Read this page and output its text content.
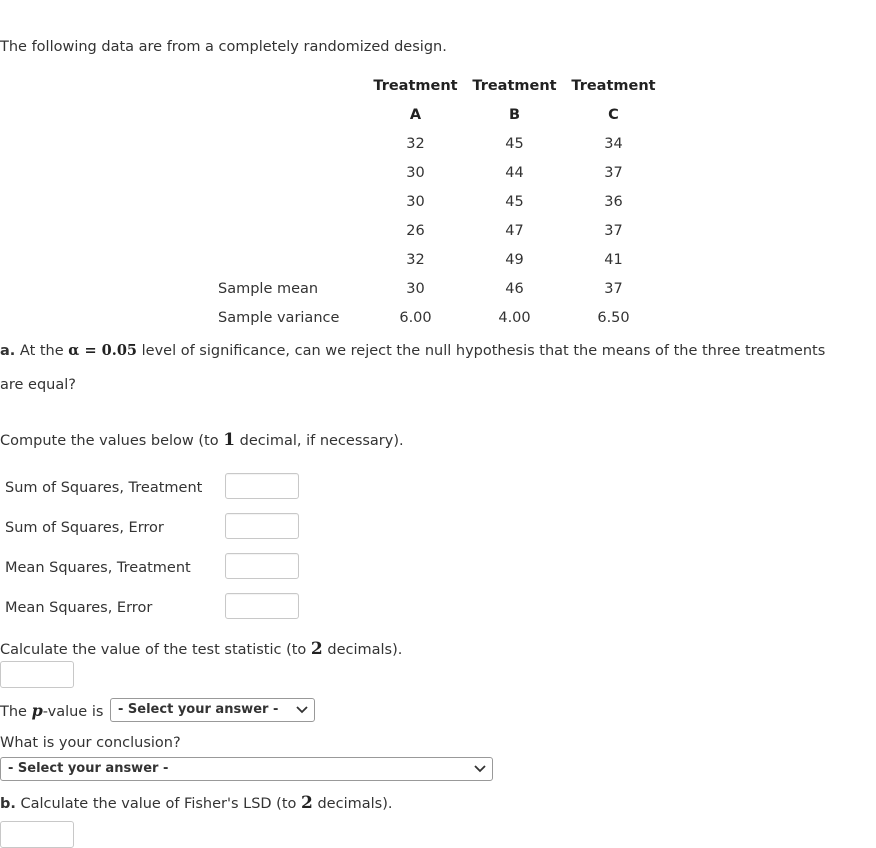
The following data are from a completely randomized design.
	Treatment	Treatment	Treatment
	A	B	C
	32	45	34
	30	44	37
	30	45	36
	26	47	37
	32	49	41
Sample mean	30	46	37
Sample variance	6.00	4.00	6.50
a. At the α = 0.05 level of significance, can we reject the null hypothesis that the means of the three treatments
are equal?
Compute the values below (to 1 decimal, if necessary).
Sum of Squares, Treatment
Sum of Squares, Error
Mean Squares, Treatment
Mean Squares, Error
Calculate the value of the test statistic (to 2 decimals).
The p-value is	- Select your answer -
What is your conclusion?
- Select your answer -
b. Calculate the value of Fisher's LSD (to 2 decimals).
